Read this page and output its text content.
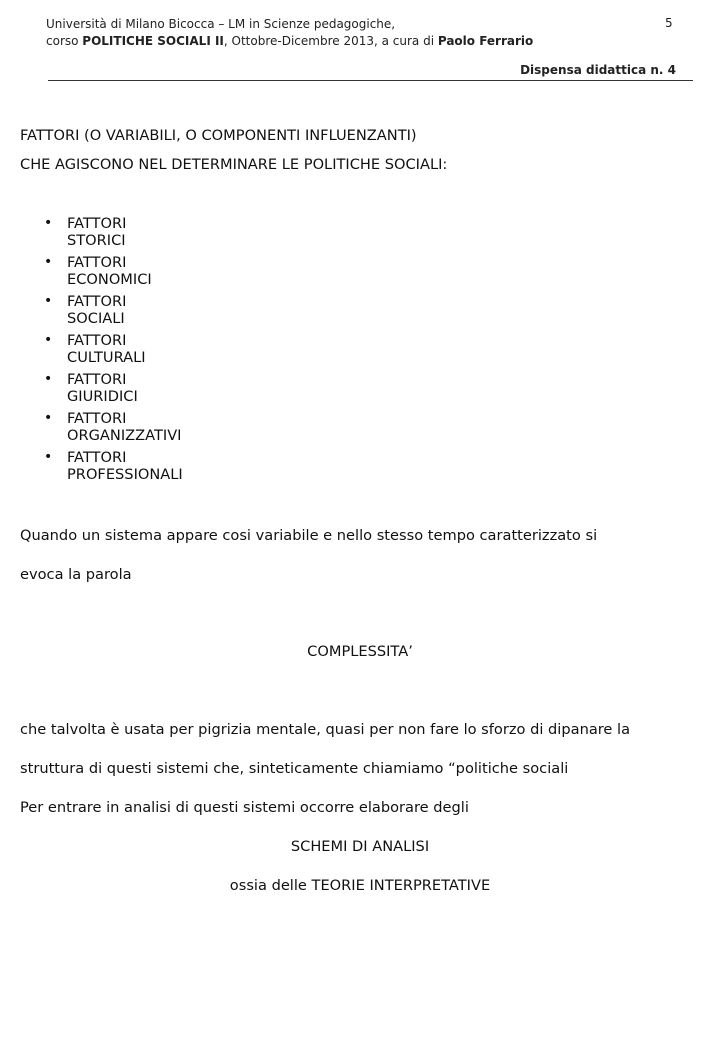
5
Università di Milano Bicocca – LM in Scienze pedagogiche,
corso POLITICHE SOCIALI II, Ottobre-Dicembre 2013, a cura di Paolo Ferrario
Dispensa didattica n. 4
FATTORI (O VARIABILI, O COMPONENTI INFLUENZANTI)
CHE AGISCONO NEL DETERMINARE LE POLITICHE SOCIALI:
• FATTORI STORICI
• FATTORI ECONOMICI
• FATTORI SOCIALI
• FATTORI CULTURALI
• FATTORI GIURIDICI
• FATTORI ORGANIZZATIVI
• FATTORI PROFESSIONALI
Quando un sistema appare cosi variabile e nello stesso tempo caratterizzato si
evoca la parola
COMPLESSITA’
che talvolta è usata per pigrizia mentale, quasi per non fare lo sforzo di dipanare la
struttura di questi sistemi che, sinteticamente chiamiamo “politiche sociali
Per entrare in analisi di questi sistemi occorre elaborare degli
SCHEMI DI ANALISI
ossia delle TEORIE INTERPRETATIVE
